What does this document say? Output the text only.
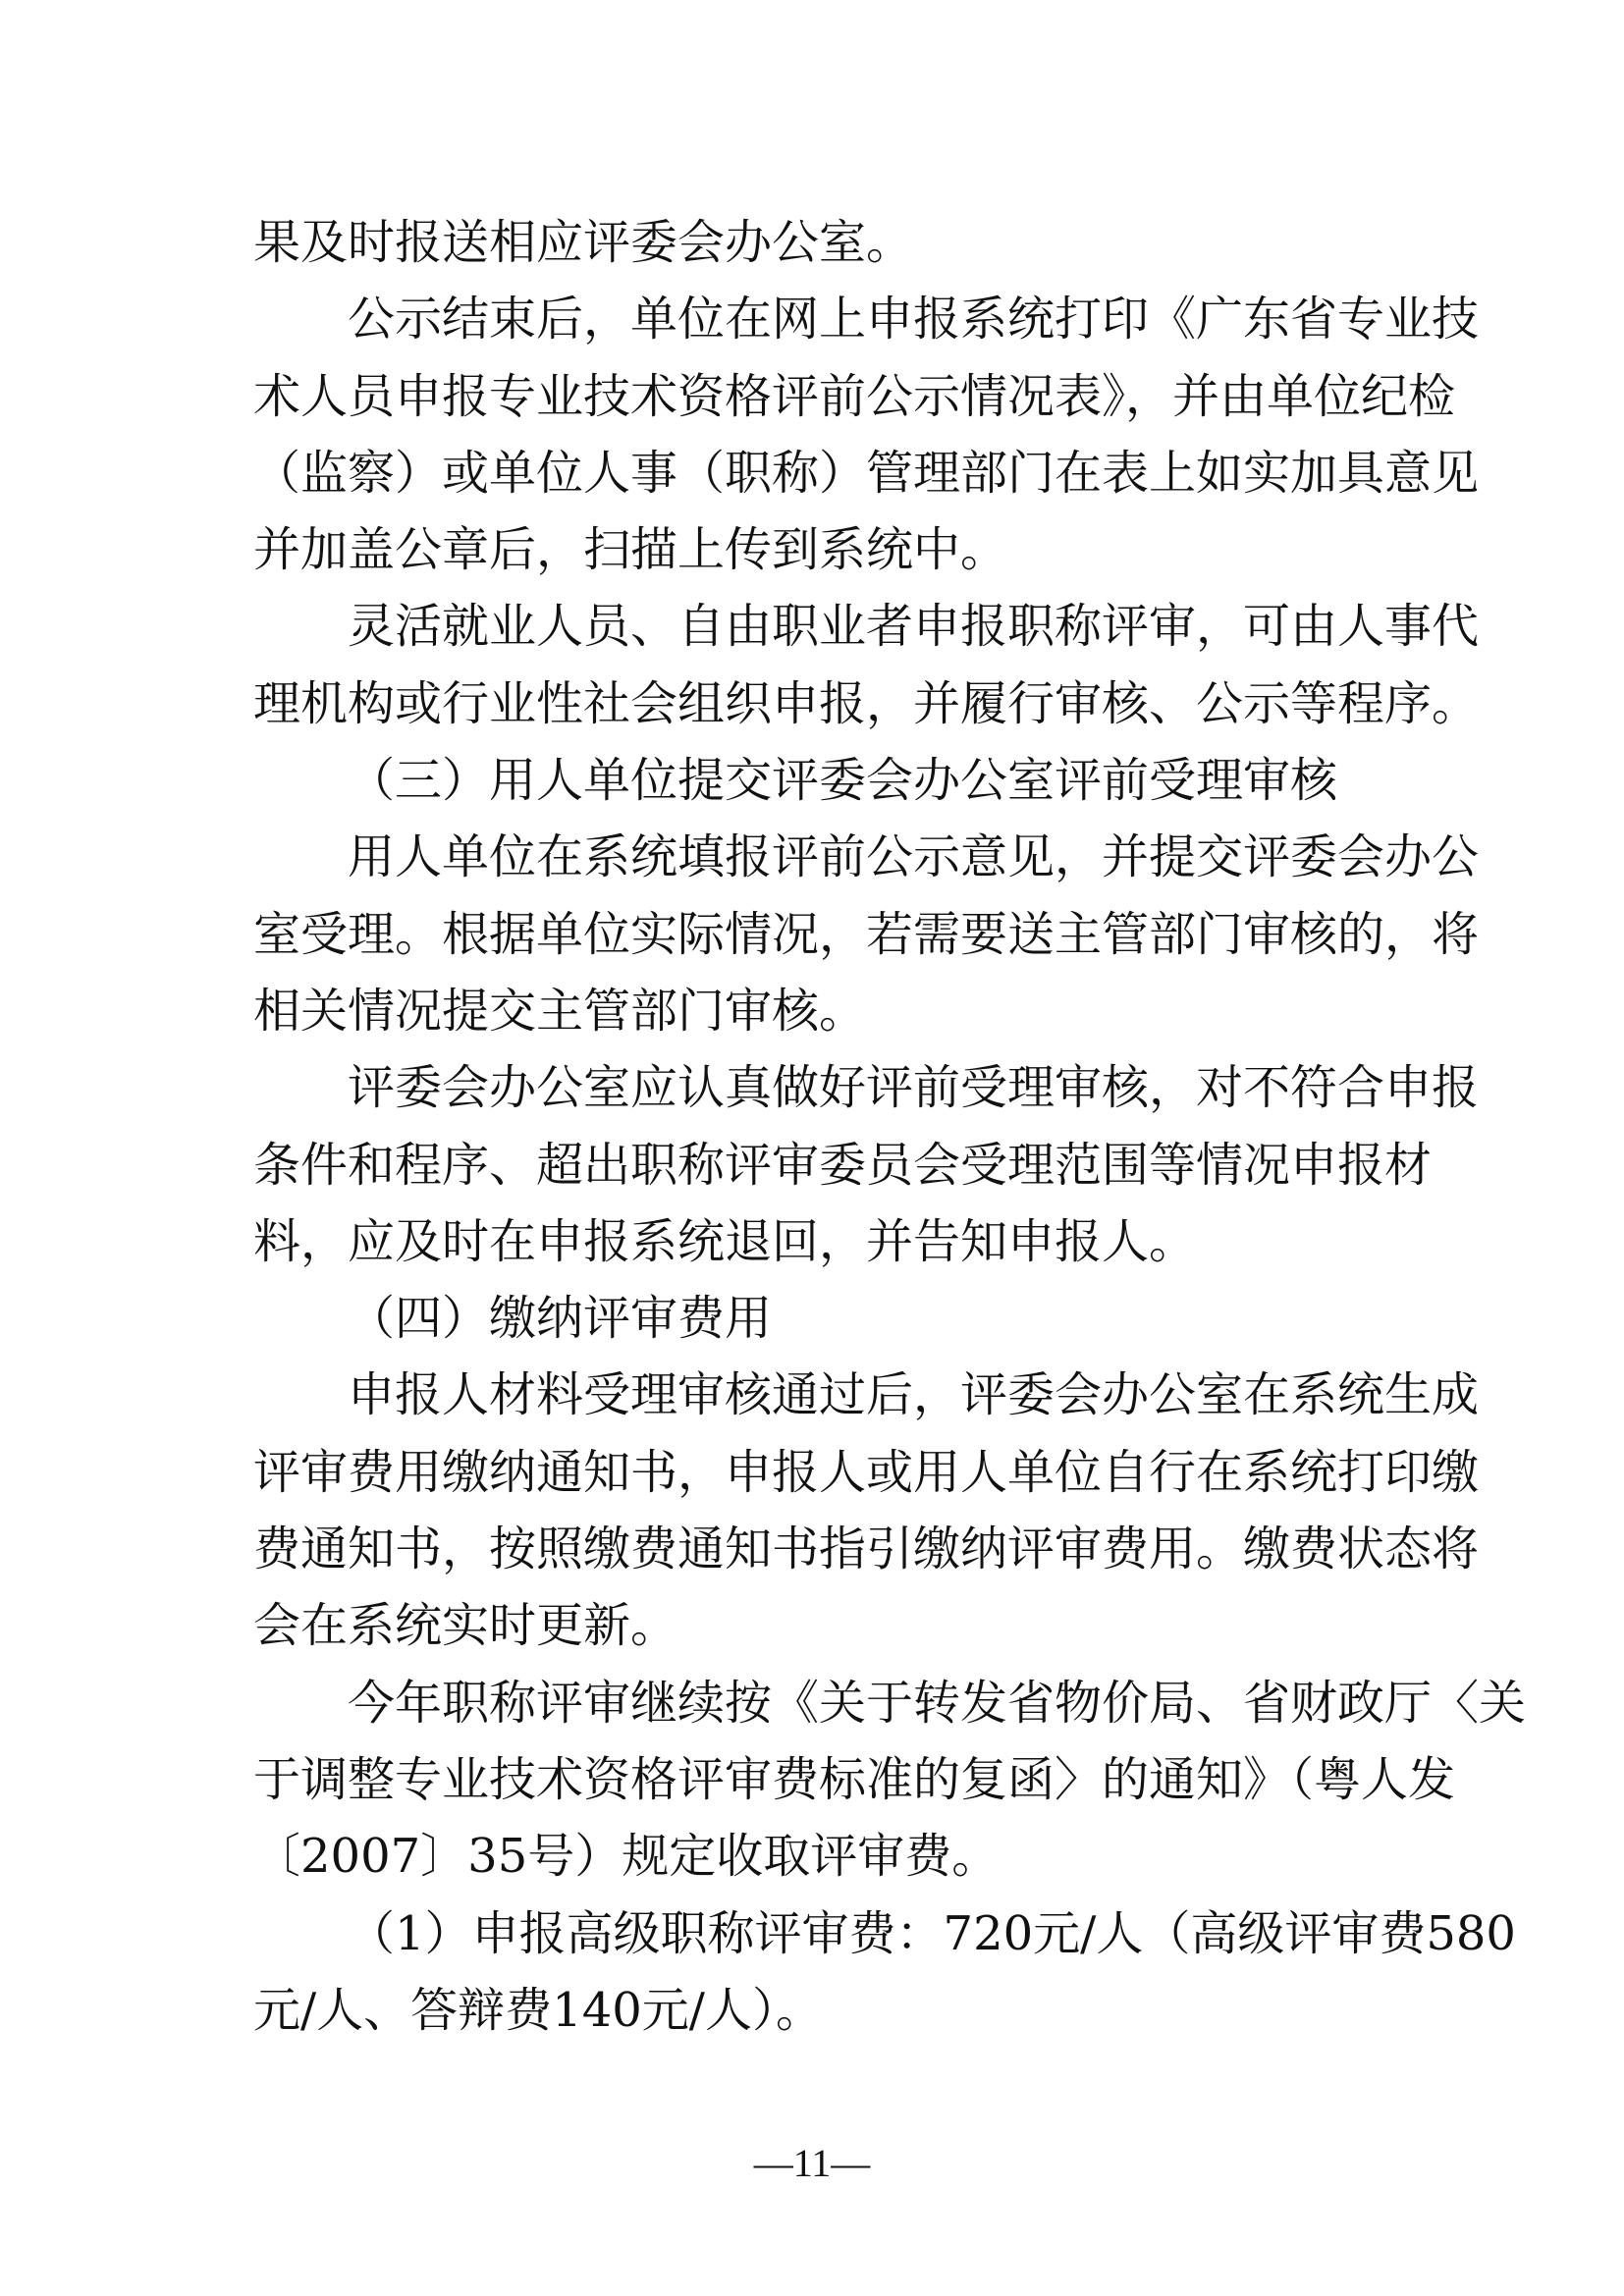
果及时报送相应评委会办公室。
公示结束后，单位在网上申报系统打印《广东省专业技
术人员申报专业技术资格评前公示情况表》，并由单位纪检
（监察）或单位人事（职称）管理部门在表上如实加具意见
并加盖公章后，扫描上传到系统中。
灵活就业人员、自由职业者申报职称评审，可由人事代
理机构或行业性社会组织申报，并履行审核、公示等程序。
（三）用人单位提交评委会办公室评前受理审核
用人单位在系统填报评前公示意见，并提交评委会办公
室受理。根据单位实际情况，若需要送主管部门审核的，将
相关情况提交主管部门审核。
评委会办公室应认真做好评前受理审核，对不符合申报
条件和程序、超出职称评审委员会受理范围等情况申报材
料，应及时在申报系统退回，并告知申报人。
（四）缴纳评审费用
申报人材料受理审核通过后，评委会办公室在系统生成
评审费用缴纳通知书，申报人或用人单位自行在系统打印缴
费通知书，按照缴费通知书指引缴纳评审费用。缴费状态将
会在系统实时更新。
今年职称评审继续按《关于转发省物价局、省财政厅〈关
于调整专业技术资格评审费标准的复函〉的通知》（粤人发
〔2007〕35号）规定收取评审费。
（1）申报高级职称评审费：720元/人（高级评审费580
元/人、答辩费140元/人）。
—11—
